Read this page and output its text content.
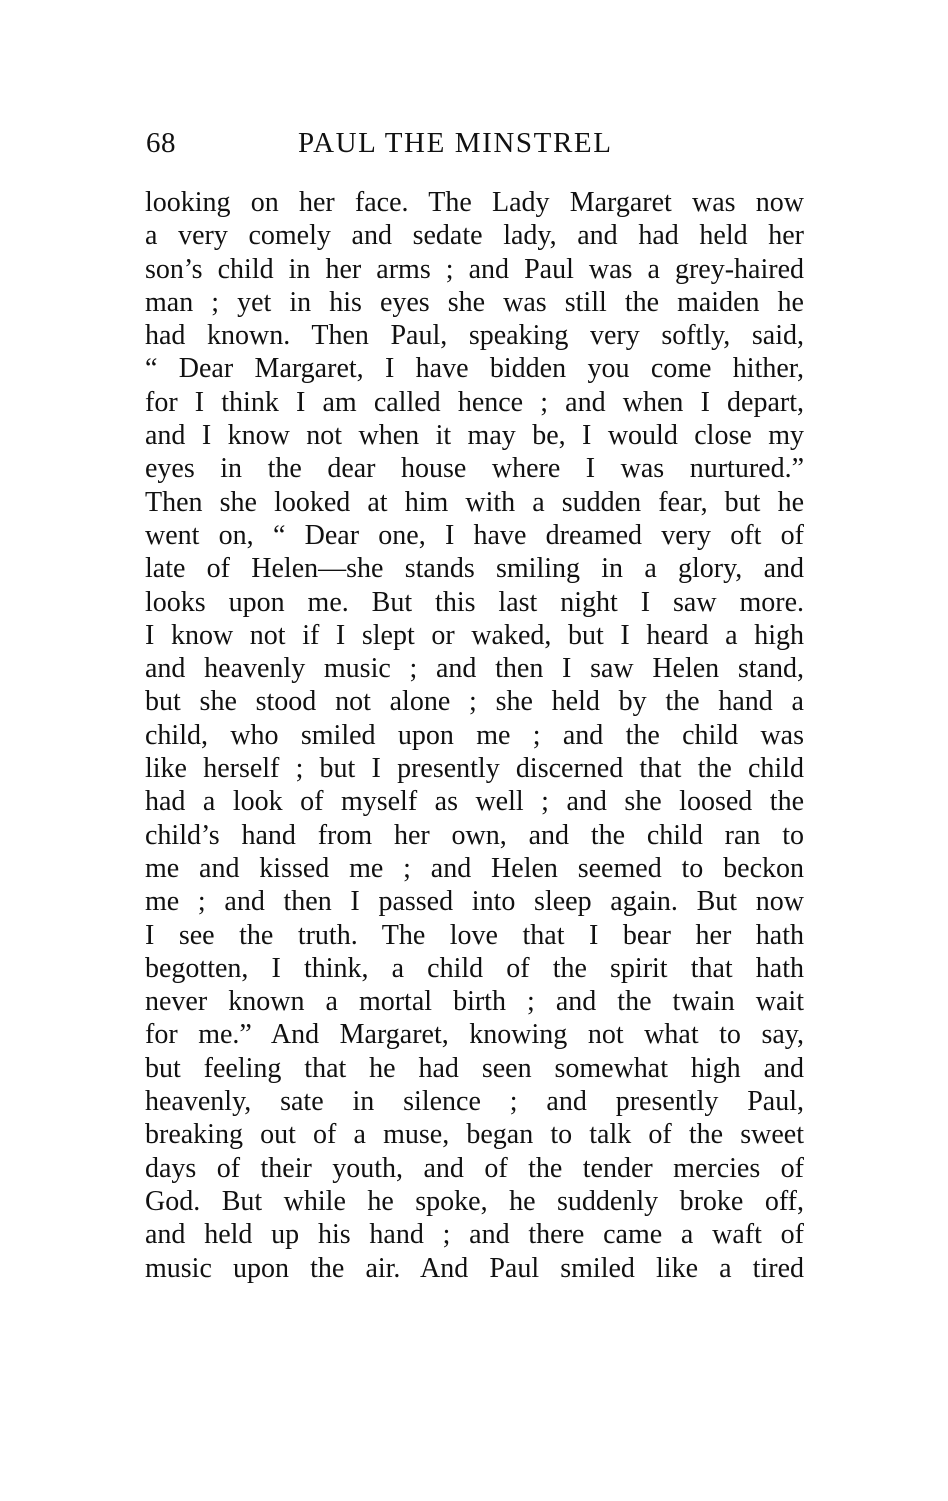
68	PAUL THE MINSTREL
looking on her face. The Lady Margaret was now
a very comely and sedate lady, and had held her
son’s child in her arms ; and Paul was a grey-haired
man ; yet in his eyes she was still the maiden he
had known. Then Paul, speaking very softly, said,
“ Dear Margaret, I have bidden you come hither,
for I think I am called hence ; and when I depart,
and I know not when it may be, I would close my
eyes in the dear house where I was nurtured.”
Then she looked at him with a sudden fear, but he
went on, “ Dear one, I have dreamed very oft of
late of Helen—she stands smiling in a glory, and
looks upon me. But this last night I saw more.
I know not if I slept or waked, but I heard a high
and heavenly music ; and then I saw Helen stand,
but she stood not alone ; she held by the hand a
child, who smiled upon me ; and the child was
like herself ; but I presently discerned that the child
had a look of myself as well ; and she loosed the
child’s hand from her own, and the child ran to
me and kissed me ; and Helen seemed to beckon
me ; and then I passed into sleep again. But now
I see the truth. The love that I bear her hath
begotten, I think, a child of the spirit that hath
never known a mortal birth ; and the twain wait
for me.” And Margaret, knowing not what to say,
but feeling that he had seen somewhat high and
heavenly, sate in silence ; and presently Paul,
breaking out of a muse, began to talk of the sweet
days of their youth, and of the tender mercies of
God. But while he spoke, he suddenly broke off,
and held up his hand ; and there came a waft of
music upon the air. And Paul smiled like a tired
